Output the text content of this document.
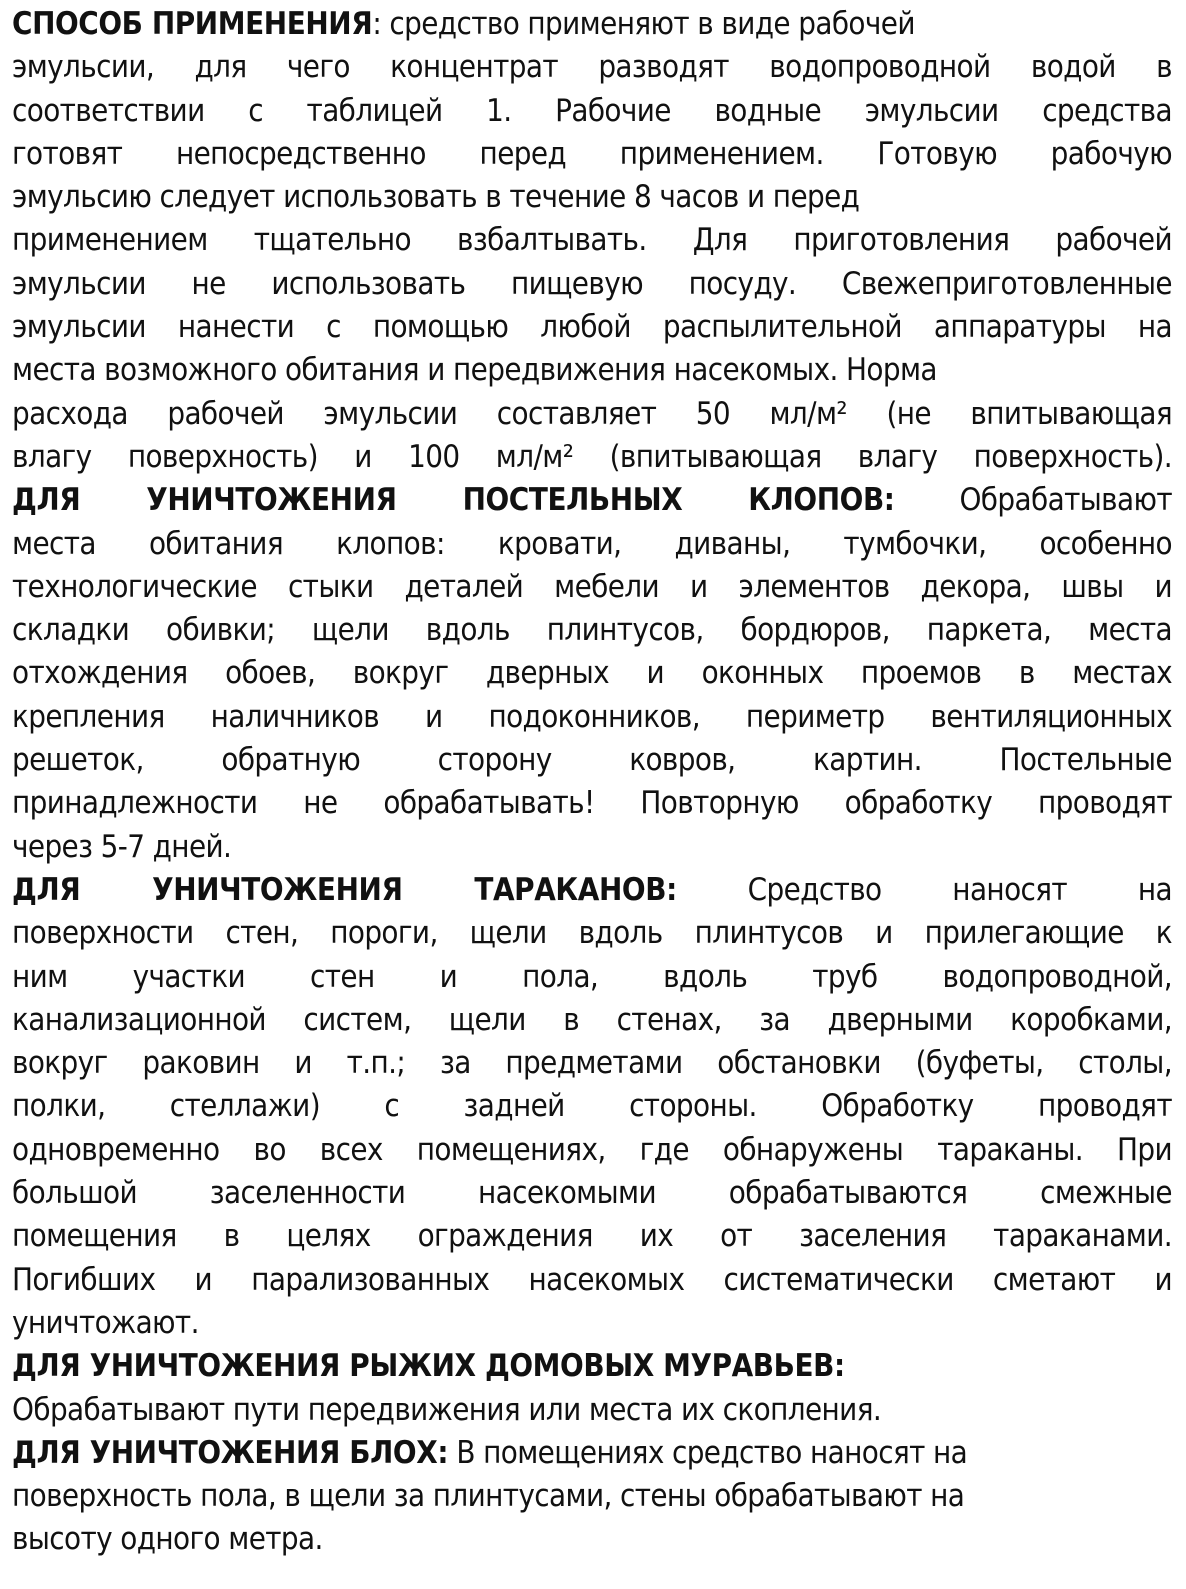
СПОСОБ ПРИМЕНЕНИЯ: средство применяют в виде рабочей
эмульсии, для чего концентрат разводят водопроводной водой в
соответствии с таблицей 1. Рабочие водные эмульсии средства
готовят непосредственно перед применением. Готовую рабочую
эмульсию следует использовать в течение 8 часов и перед
применением тщательно взбалтывать. Для приготовления рабочей
эмульсии не использовать пищевую посуду. Свежеприготовленные
эмульсии нанести с помощью любой распылительной аппаратуры на
места возможного обитания и передвижения насекомых. Норма
расхода рабочей эмульсии составляет 50 мл/м² (не впитывающая
влагу поверхность) и 100 мл/м² (впитывающая влагу поверхность).
ДЛЯ УНИЧТОЖЕНИЯ ПОСТЕЛЬНЫХ КЛОПОВ: Обрабатывают
места обитания клопов: кровати, диваны, тумбочки, особенно
технологические стыки деталей мебели и элементов декора, швы и
складки обивки; щели вдоль плинтусов, бордюров, паркета, места
отхождения обоев, вокруг дверных и оконных проемов в местах
крепления наличников и подоконников, периметр вентиляционных
решеток, обратную сторону ковров, картин. Постельные
принадлежности не обрабатывать! Повторную обработку проводят
через 5-7 дней.
ДЛЯ УНИЧТОЖЕНИЯ ТАРАКАНОВ: Средство наносят на
поверхности стен, пороги, щели вдоль плинтусов и прилегающие к
ним участки стен и пола, вдоль труб водопроводной,
канализационной систем, щели в стенах, за дверными коробками,
вокруг раковин и т.п.; за предметами обстановки (буфеты, столы,
полки, стеллажи) с задней стороны. Обработку проводят
одновременно во всех помещениях, где обнаружены тараканы. При
большой заселенности насекомыми обрабатываются смежные
помещения в целях ограждения их от заселения тараканами.
Погибших и парализованных насекомых систематически сметают и
уничтожают.
ДЛЯ УНИЧТОЖЕНИЯ РЫЖИХ ДОМОВЫХ МУРАВЬЕВ:
Обрабатывают пути передвижения или места их скопления.
ДЛЯ УНИЧТОЖЕНИЯ БЛОХ: В помещениях средство наносят на
поверхность пола, в щели за плинтусами, стены обрабатывают на
высоту одного метра.
